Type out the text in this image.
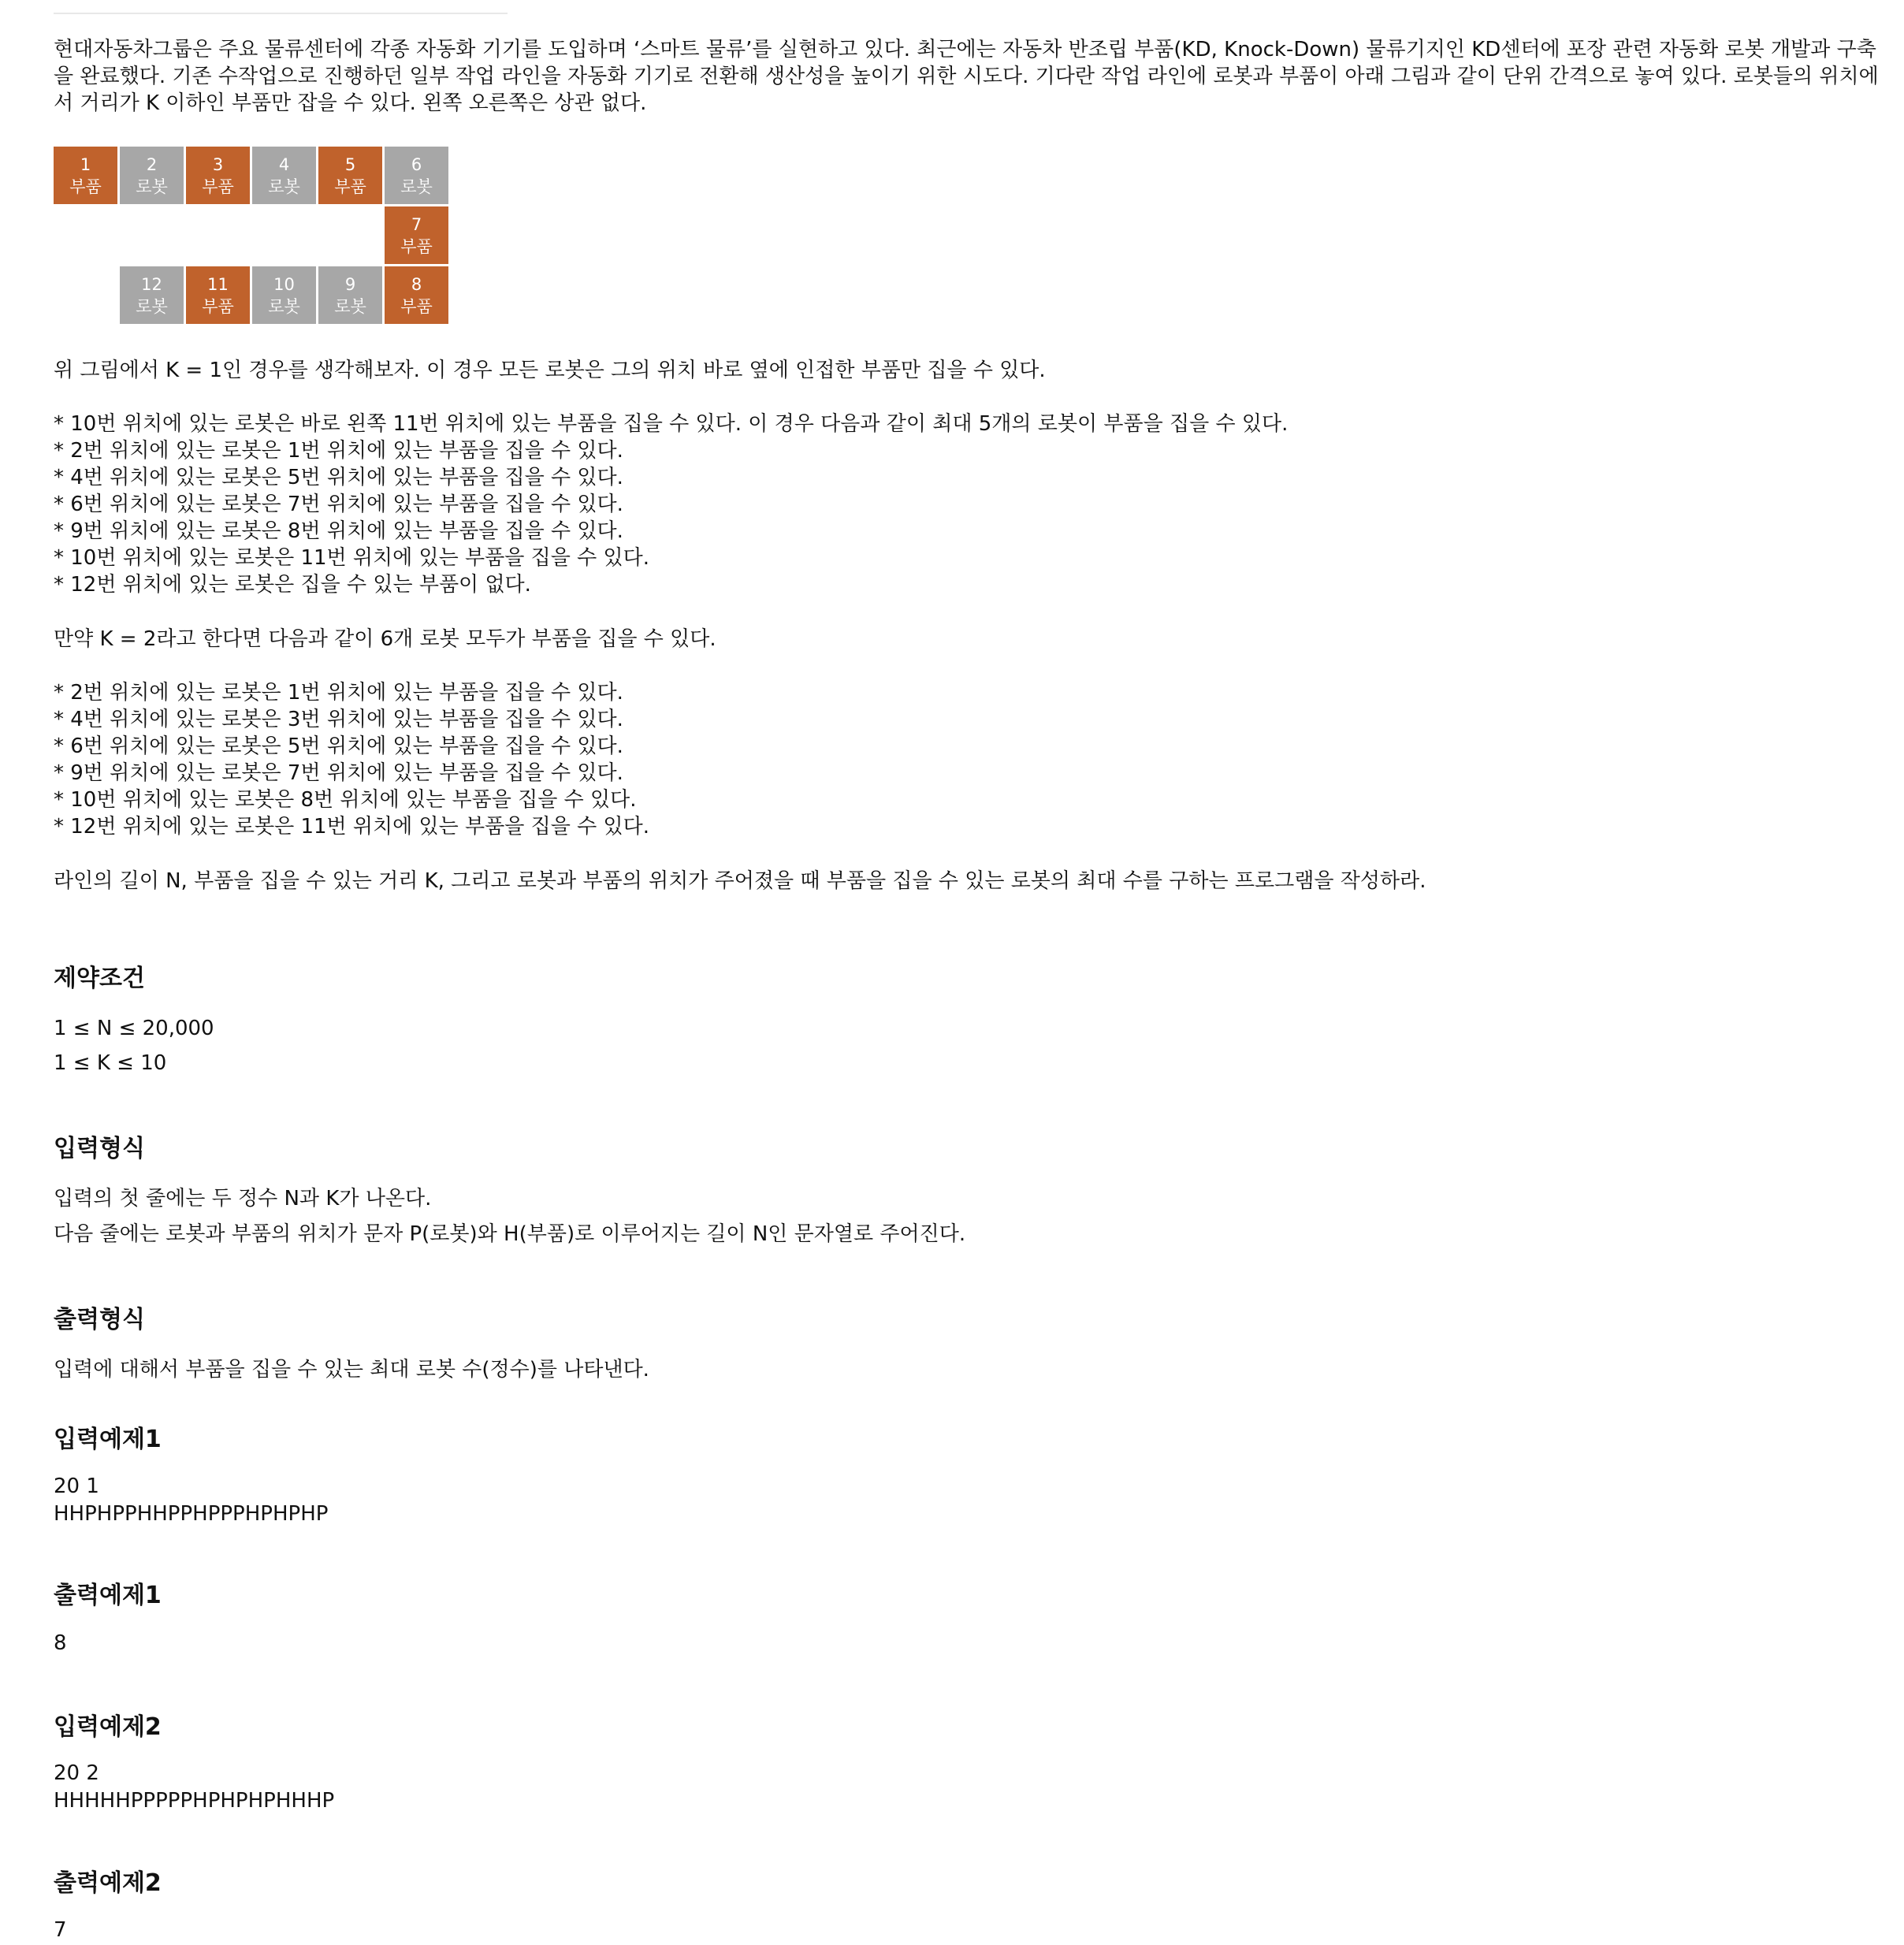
현대자동차그룹은 주요 물류센터에 각종 자동화 기기를 도입하며 ‘스마트 물류’를 실현하고 있다. 최근에는 자동차 반조립 부품(KD, Knock-Down) 물류기지인 KD센터에 포장 관련 자동화 로봇 개발과 구축을 완료했다. 기존 수작업으로 진행하던 일부 작업 라인을 자동화 기기로 전환해 생산성을 높이기 위한 시도다. 기다란 작업 라인에 로봇과 부품이 아래 그림과 같이 단위 간격으로 놓여 있다. 로봇들의 위치에서 거리가 K 이하인 부품만 잡을 수 있다. 왼쪽 오른쪽은 상관 없다.

1
부품
2
로봇
3
부품
4
로봇
5
부품
6
로봇
7
부품
8
부품
9
로봇
10
로봇
11
부품
12
로봇
위 그림에서 K = 1인 경우를 생각해보자. 이 경우 모든 로봇은 그의 위치 바로 옆에 인접한 부품만 집을 수 있다.
* 10번 위치에 있는 로봇은 바로 왼쪽 11번 위치에 있는 부품을 집을 수 있다. 이 경우 다음과 같이 최대 5개의 로봇이 부품을 집을 수 있다.
* 2번 위치에 있는 로봇은 1번 위치에 있는 부품을 집을 수 있다.
* 4번 위치에 있는 로봇은 5번 위치에 있는 부품을 집을 수 있다.
* 6번 위치에 있는 로봇은 7번 위치에 있는 부품을 집을 수 있다.
* 9번 위치에 있는 로봇은 8번 위치에 있는 부품을 집을 수 있다.
* 10번 위치에 있는 로봇은 11번 위치에 있는 부품을 집을 수 있다.
* 12번 위치에 있는 로봇은 집을 수 있는 부품이 없다.
만약 K = 2라고 한다면 다음과 같이 6개 로봇 모두가 부품을 집을 수 있다.
* 2번 위치에 있는 로봇은 1번 위치에 있는 부품을 집을 수 있다.
* 4번 위치에 있는 로봇은 3번 위치에 있는 부품을 집을 수 있다.
* 6번 위치에 있는 로봇은 5번 위치에 있는 부품을 집을 수 있다.
* 9번 위치에 있는 로봇은 7번 위치에 있는 부품을 집을 수 있다.
* 10번 위치에 있는 로봇은 8번 위치에 있는 부품을 집을 수 있다.
* 12번 위치에 있는 로봇은 11번 위치에 있는 부품을 집을 수 있다.
라인의 길이 N, 부품을 집을 수 있는 거리 K, 그리고 로봇과 부품의 위치가 주어졌을 때 부품을 집을 수 있는 로봇의 최대 수를 구하는 프로그램을 작성하라.
제약조건
1 ≤ N ≤ 20,000
1 ≤ K ≤ 10
입력형식
입력의 첫 줄에는 두 정수 N과 K가 나온다.
다음 줄에는 로봇과 부품의 위치가 문자 P(로봇)와 H(부품)로 이루어지는 길이 N인 문자열로 주어진다.
출력형식
입력에 대해서 부품을 집을 수 있는 최대 로봇 수(정수)를 나타낸다.
입력예제1
20 1
HHPHPPHHPPHPPPHPHPHP
출력예제1
8
입력예제2
20 2
HHHHHPPPPPHPHPHPHHHP
출력예제2
7
